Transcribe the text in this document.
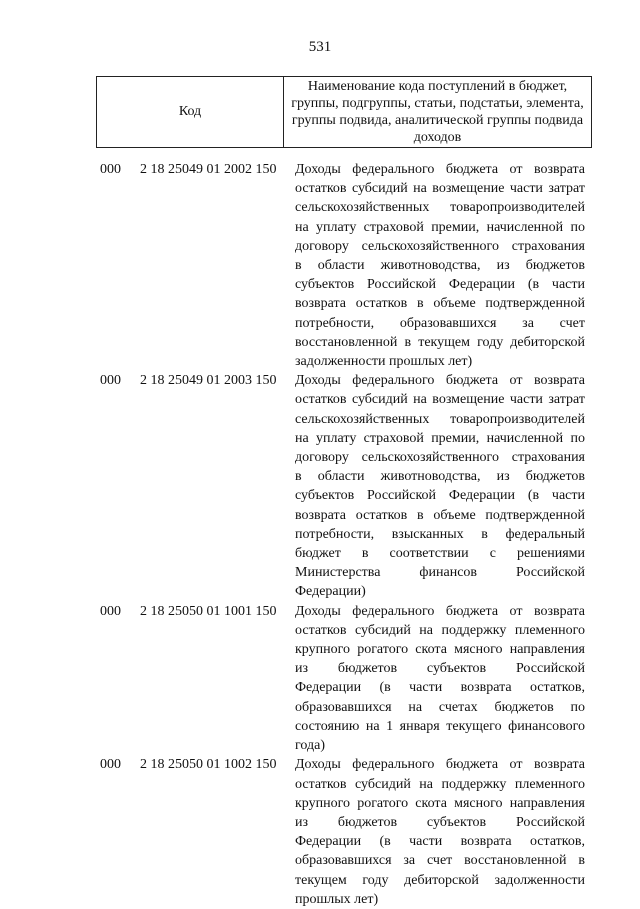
531
Код	Наименование кода поступлений в бюджет, группы, подгруппы, статьи, подстатьи, элемента, группы подвида, аналитической группы подвида доходов
000	2 18 25049 01 2002 150	Доходы федерального бюджета от возврата
остатков субсидий на возмещение части затрат
сельскохозяйственных товаропроизводителей
на уплату страховой премии, начисленной по
договору сельскохозяйственного страхования
в области животноводства, из бюджетов
субъектов Российской Федерации (в части
возврата остатков в объеме подтвержденной
потребности, образовавшихся за счет
восстановленной в текущем году дебиторской
задолженности прошлых лет)
000	2 18 25049 01 2003 150	Доходы федерального бюджета от возврата
остатков субсидий на возмещение части затрат
сельскохозяйственных товаропроизводителей
на уплату страховой премии, начисленной по
договору сельскохозяйственного страхования
в области животноводства, из бюджетов
субъектов Российской Федерации (в части
возврата остатков в объеме подтвержденной
потребности, взысканных в федеральный
бюджет в соответствии с решениями
Министерства финансов Российской
Федерации)
000	2 18 25050 01 1001 150	Доходы федерального бюджета от возврата
остатков субсидий на поддержку племенного
крупного рогатого скота мясного направления
из бюджетов субъектов Российской
Федерации (в части возврата остатков,
образовавшихся на счетах бюджетов по
состоянию на 1 января текущего финансового
года)
000	2 18 25050 01 1002 150	Доходы федерального бюджета от возврата
остатков субсидий на поддержку племенного
крупного рогатого скота мясного направления
из бюджетов субъектов Российской
Федерации (в части возврата остатков,
образовавшихся за счет восстановленной в
текущем году дебиторской задолженности
прошлых лет)
